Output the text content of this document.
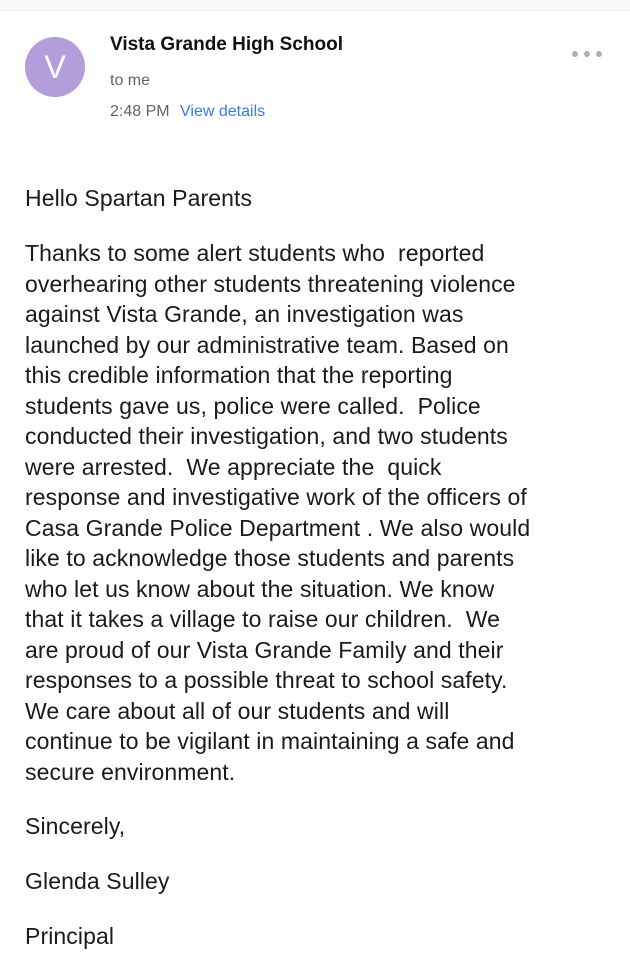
V
Vista Grande High School
to me
2:48 PM View details

Hello Spartan Parents

Thanks to some alert students who  reported
overhearing other students threatening violence
against Vista Grande, an investigation was
launched by our administrative team. Based on
this credible information that the reporting
students gave us, police were called.  Police
conducted their investigation, and two students
were arrested.  We appreciate the  quick
response and investigative work of the officers of
Casa Grande Police Department . We also would
like to acknowledge those students and parents
who let us know about the situation. We know
that it takes a village to raise our children.  We
are proud of our Vista Grande Family and their
responses to a possible threat to school safety.
We care about all of our students and will
continue to be vigilant in maintaining a safe and
secure environment.

Sincerely,

Glenda Sulley

Principal
